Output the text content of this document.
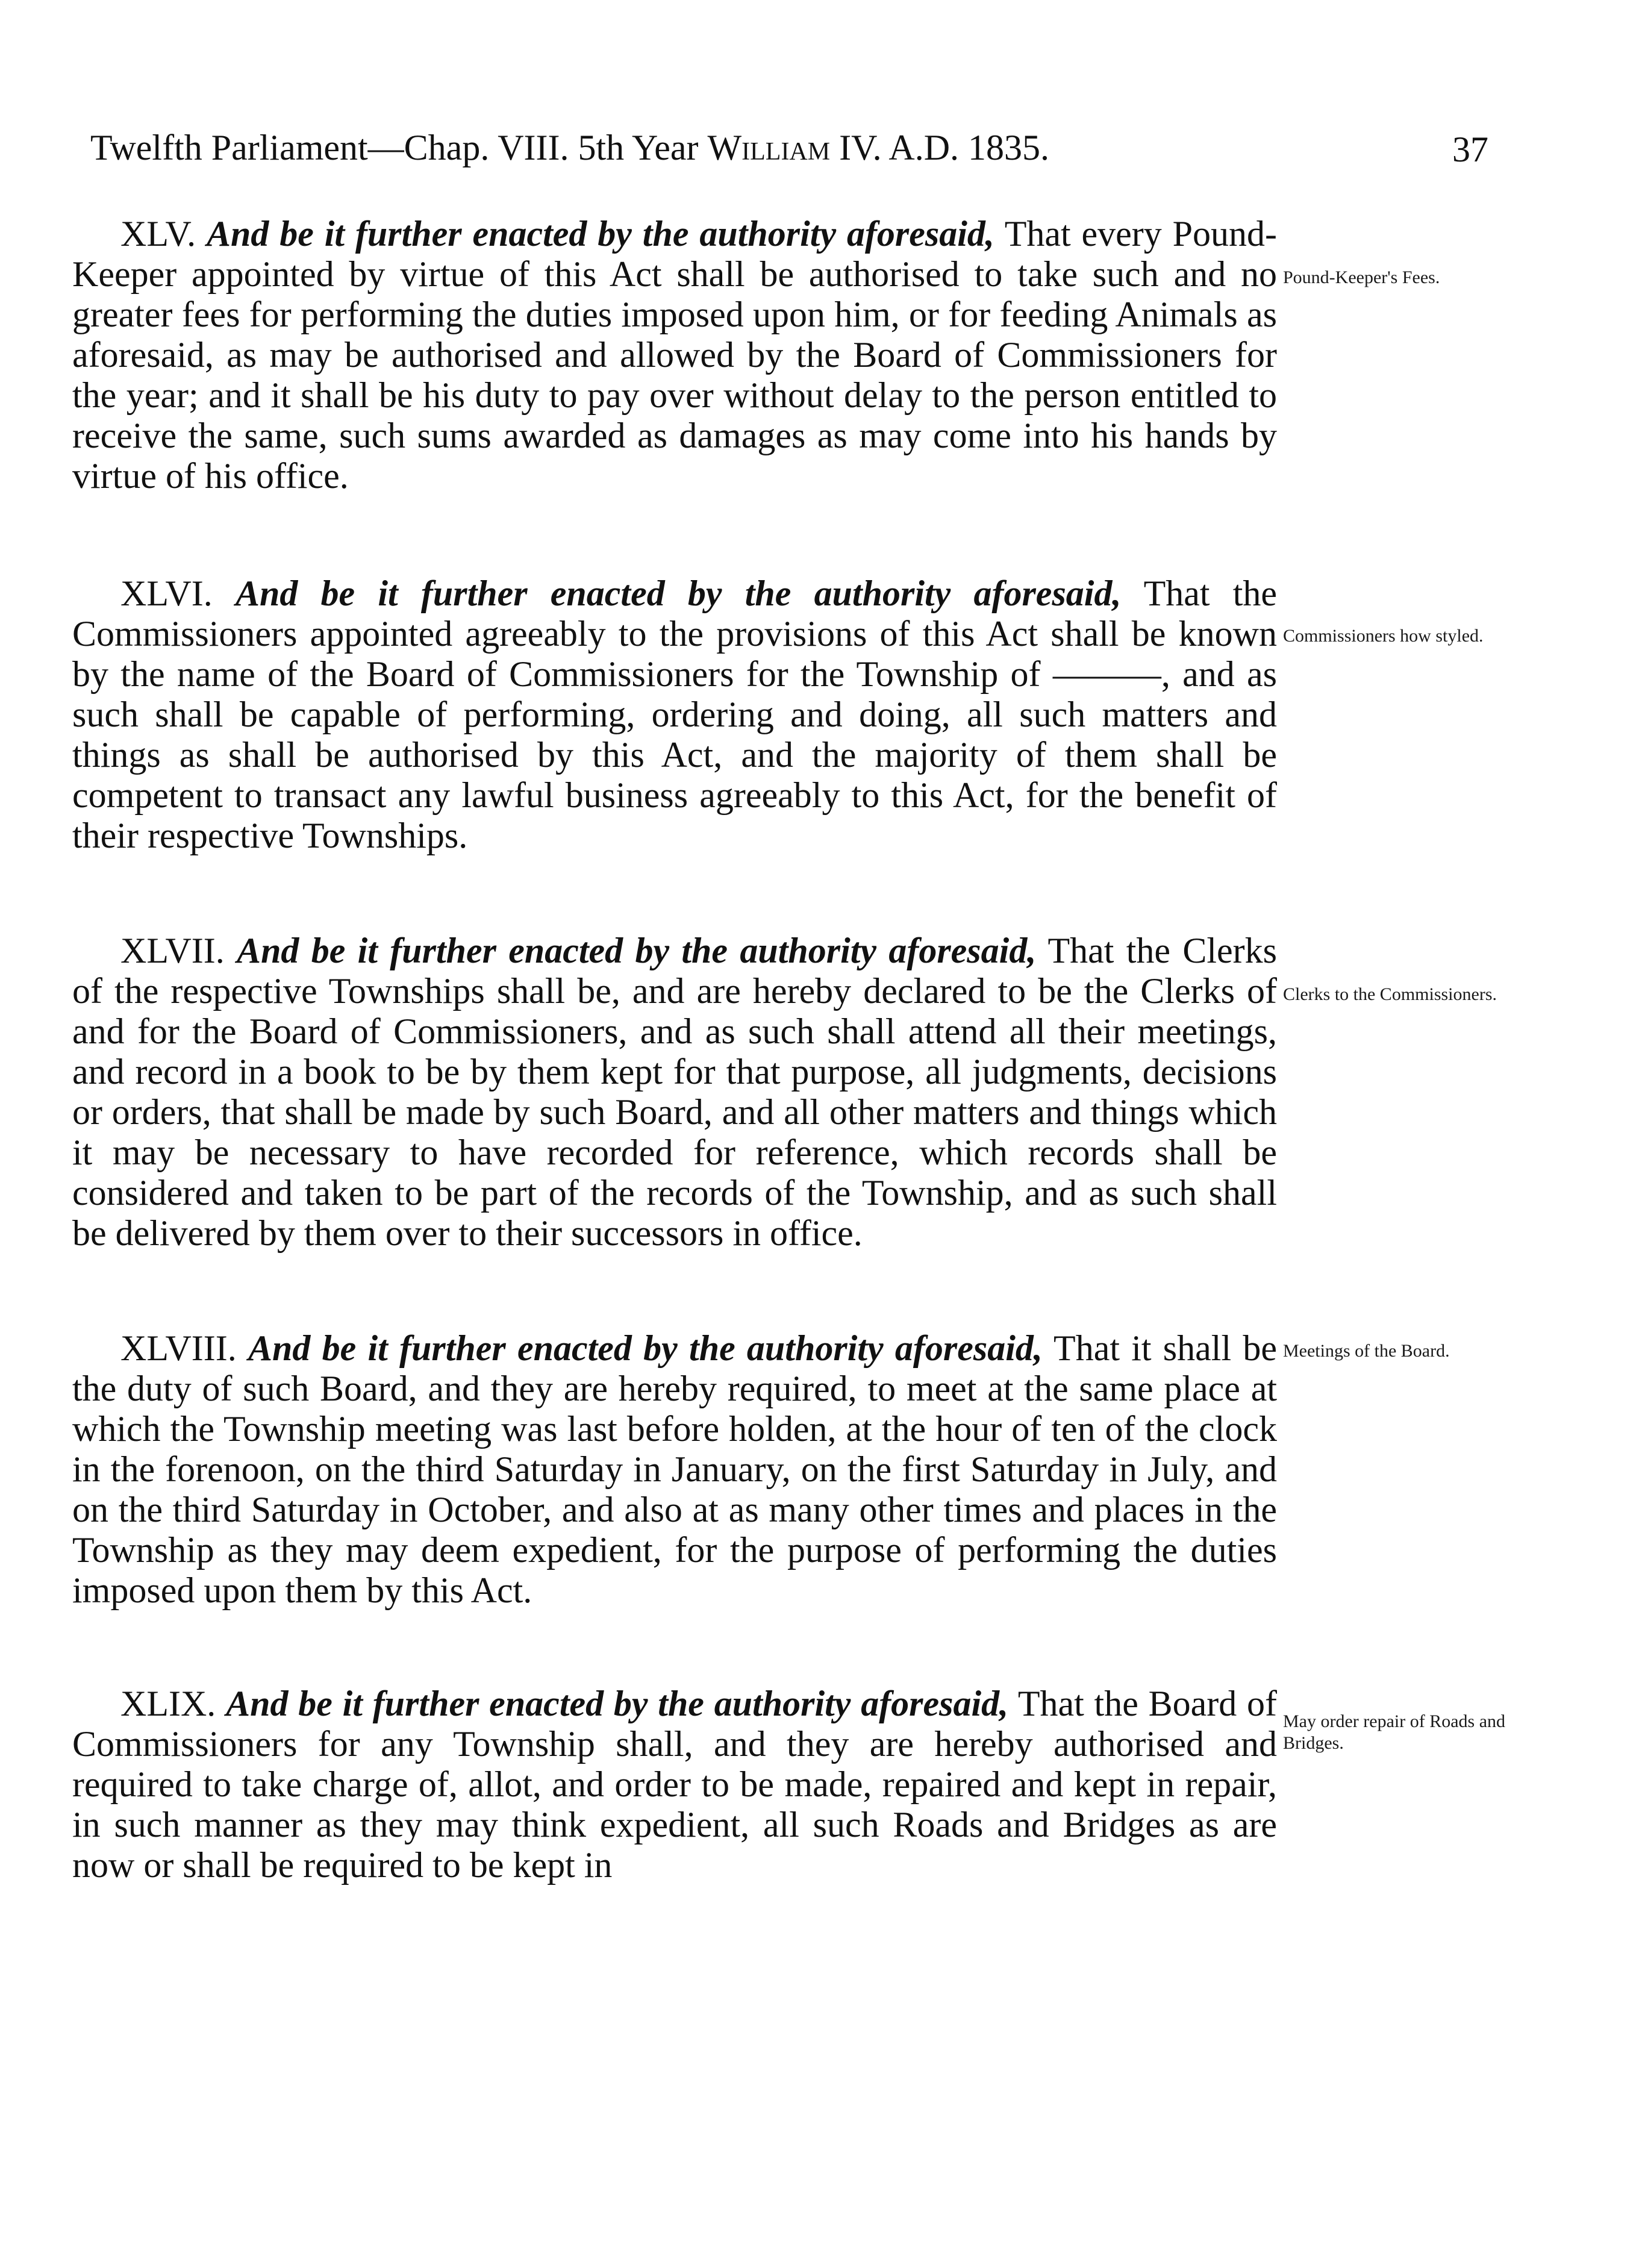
Twelfth Parliament—Chap. VIII. 5th Year William IV. A.D. 1835.	37

XLV. And be it further enacted by the authority aforesaid, That every Pound-Keeper appointed by virtue of this Act shall be authorised to take such and no greater fees for performing the duties imposed upon him, or for feeding Animals as aforesaid, as may be authorised and allowed by the Board of Commissioners for the year; and it shall be his duty to pay over without delay to the person entitled to receive the same, such sums awarded as damages as may come into his hands by virtue of his office.

Pound-Keeper's Fees.

XLVI. And be it further enacted by the authority aforesaid, That the Commissioners appointed agreeably to the provisions of this Act shall be known by the name of the Board of Commissioners for the Township of ———, and as such shall be capable of performing, ordering and doing, all such matters and things as shall be authorised by this Act, and the majority of them shall be competent to transact any lawful business agreeably to this Act, for the benefit of their respective Townships.

Commissioners how styled.

XLVII. And be it further enacted by the authority aforesaid, That the Clerks of the respective Townships shall be, and are hereby declared to be the Clerks of and for the Board of Commissioners, and as such shall attend all their meetings, and record in a book to be by them kept for that purpose, all judgments, decisions or orders, that shall be made by such Board, and all other matters and things which it may be necessary to have recorded for reference, which records shall be considered and taken to be part of the records of the Township, and as such shall be delivered by them over to their successors in office.

Clerks to the Commissioners.

XLVIII. And be it further enacted by the authority aforesaid, That it shall be the duty of such Board, and they are hereby required, to meet at the same place at which the Township meeting was last before holden, at the hour of ten of the clock in the forenoon, on the third Saturday in January, on the first Saturday in July, and on the third Saturday in October, and also at as many other times and places in the Township as they may deem expedient, for the purpose of performing the duties imposed upon them by this Act.

Meetings of the Board.

XLIX. And be it further enacted by the authority aforesaid, That the Board of Commissioners for any Township shall, and they are hereby authorised and required to take charge of, allot, and order to be made, repaired and kept in repair, in such manner as they may think expedient, all such Roads and Bridges as are now or shall be required to be kept in

May order repair of Roads and Bridges.
